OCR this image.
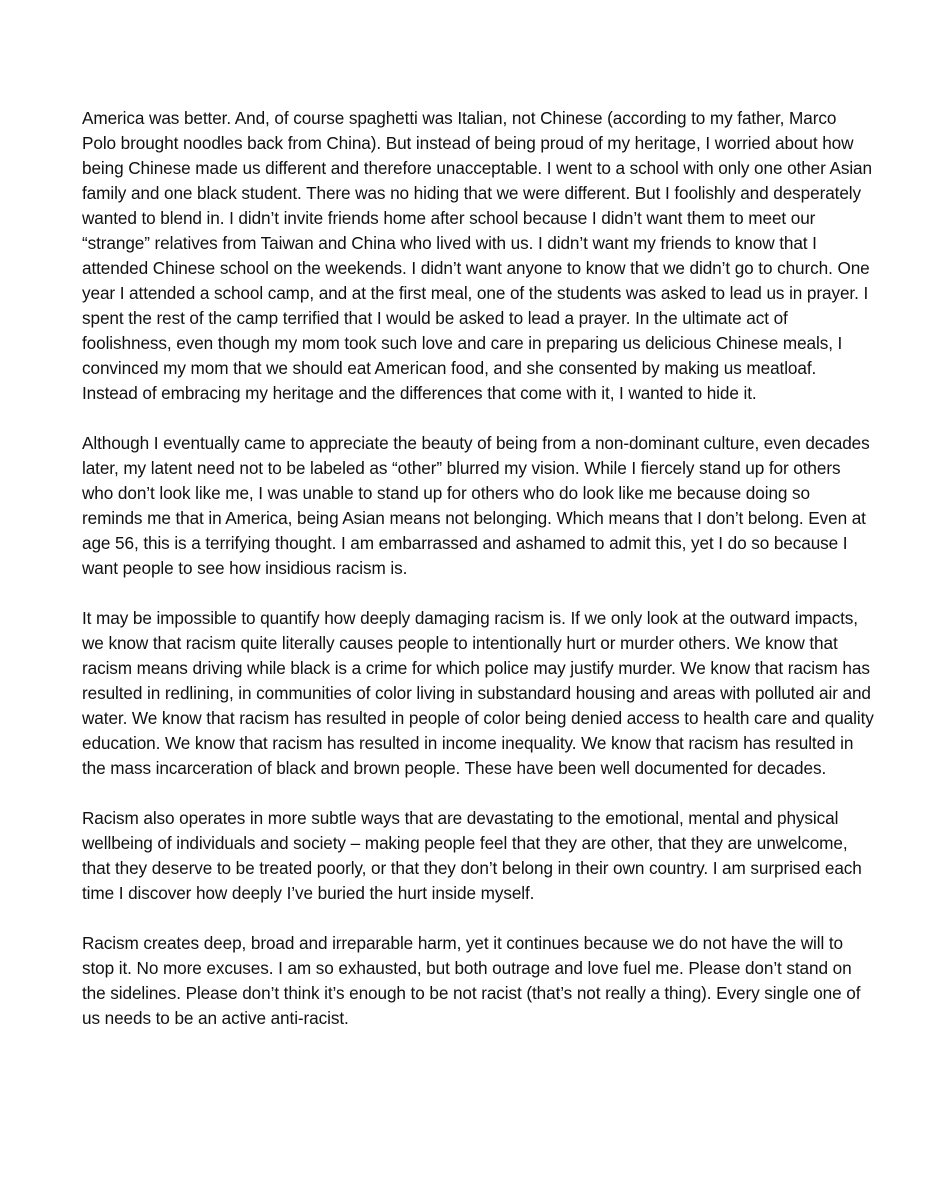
America was better. And, of course spaghetti was Italian, not Chinese (according to my father, Marco Polo brought noodles back from China). But instead of being proud of my heritage, I worried about how being Chinese made us different and therefore unacceptable. I went to a school with only one other Asian family and one black student. There was no hiding that we were different. But I foolishly and desperately wanted to blend in. I didn’t invite friends home after school because I didn’t want them to meet our “strange” relatives from Taiwan and China who lived with us. I didn’t want my friends to know that I attended Chinese school on the weekends. I didn’t want anyone to know that we didn’t go to church. One year I attended a school camp, and at the first meal, one of the students was asked to lead us in prayer. I spent the rest of the camp terrified that I would be asked to lead a prayer. In the ultimate act of foolishness, even though my mom took such love and care in preparing us delicious Chinese meals, I convinced my mom that we should eat American food, and she consented by making us meatloaf. Instead of embracing my heritage and the differences that come with it, I wanted to hide it.

Although I eventually came to appreciate the beauty of being from a non-dominant culture, even decades later, my latent need not to be labeled as “other” blurred my vision. While I fiercely stand up for others who don’t look like me, I was unable to stand up for others who do look like me because doing so reminds me that in America, being Asian means not belonging. Which means that I don’t belong. Even at age 56, this is a terrifying thought. I am embarrassed and ashamed to admit this, yet I do so because I want people to see how insidious racism is.

It may be impossible to quantify how deeply damaging racism is. If we only look at the outward impacts, we know that racism quite literally causes people to intentionally hurt or murder others. We know that racism means driving while black is a crime for which police may justify murder. We know that racism has resulted in redlining, in communities of color living in substandard housing and areas with polluted air and water. We know that racism has resulted in people of color being denied access to health care and quality education. We know that racism has resulted in income inequality. We know that racism has resulted in the mass incarceration of black and brown people. These have been well documented for decades.

Racism also operates in more subtle ways that are devastating to the emotional, mental and physical wellbeing of individuals and society – making people feel that they are other, that they are unwelcome, that they deserve to be treated poorly, or that they don’t belong in their own country. I am surprised each time I discover how deeply I’ve buried the hurt inside myself.

Racism creates deep, broad and irreparable harm, yet it continues because we do not have the will to stop it. No more excuses. I am so exhausted, but both outrage and love fuel me. Please don’t stand on the sidelines. Please don’t think it’s enough to be not racist (that’s not really a thing). Every single one of us needs to be an active anti-racist.
